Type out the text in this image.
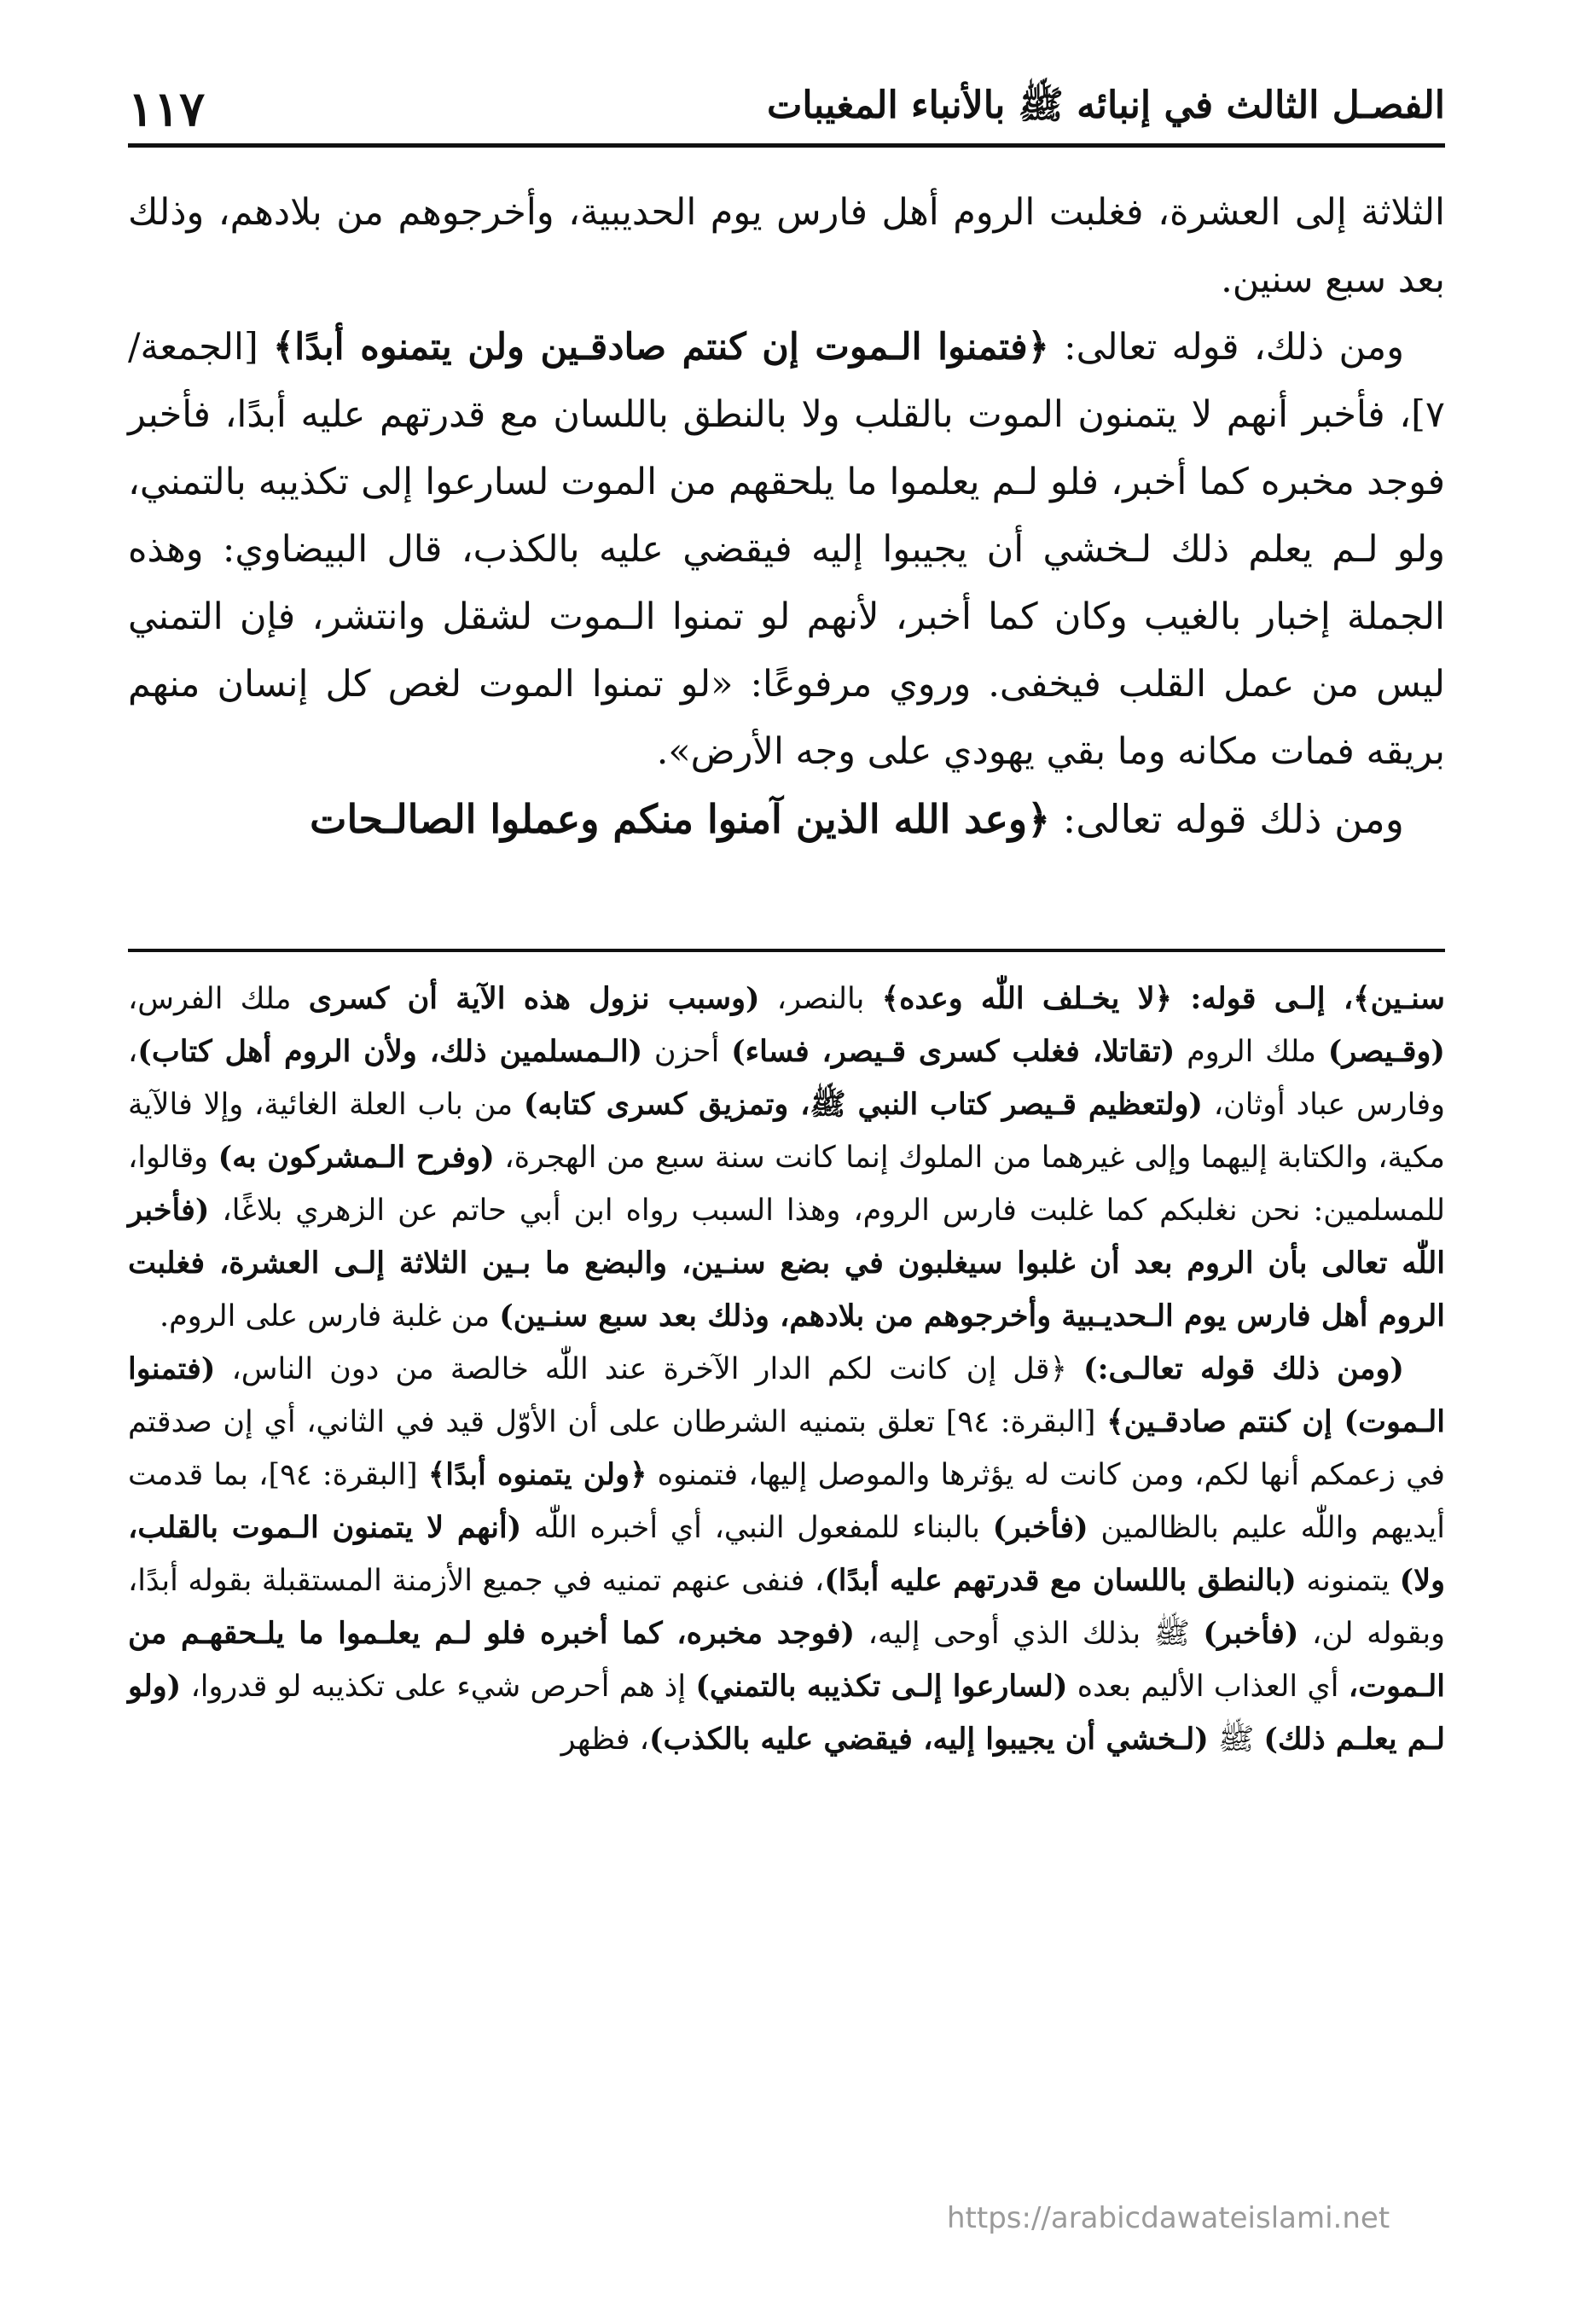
الفصـل الثالث في إنبائه ﷺ بالأنباء المغيبات
١١٧

الثلاثة إلى العشرة، فغلبت الروم أهل فارس يوم الحديبية، وأخرجوهم من بلادهم، وذلك بعد سبع سنين.

ومن ذلك، قوله تعالى: ﴿فتمنوا الـموت إن كنتم صادقـين ولن يتمنوه أبدًا﴾ [الجمعة/ ٧]، فأخبر أنهم لا يتمنون الموت بالقلب ولا بالنطق باللسان مع قدرتهم عليه أبدًا، فأخبر فوجد مخبره كما أخبر، فلو لـم يعلموا ما يلحقهم من الموت لسارعوا إلى تكذيبه بالتمني، ولو لـم يعلم ذلك لـخشي أن يجيبوا إليه فيقضي عليه بالكذب، قال البيضاوي: وهذه الجملة إخبار بالغيب وكان كما أخبر، لأنهم لو تمنوا الـموت لشقل وانتشر، فإن التمني ليس من عمل القلب فيخفى. وروي مرفوعًا: «لو تمنوا الموت لغص كل إنسان منهم بريقه فمات مكانه وما بقي يهودي على وجه الأرض».

ومن ذلك قوله تعالى: ﴿وعد الله الذين آمنوا منكم وعملوا الصالـحات

سنـين﴾، إلـى قوله: ﴿لا يخـلف اللّٰه وعده﴾ بالنصر، (وسبب نزول هذه الآية أن كسرى ملك الفرس، (وقـيصر) ملك الروم (تقاتلا، فغلب كسرى قـيصر، فساء) أحزن (الـمسلمين ذلك، ولأن الروم أهل كتاب)، وفارس عباد أوثان، (ولتعظيم قـيصر كتاب النبي ﷺ، وتمزيق كسرى كتابه) من باب العلة الغائية، وإلا فالآية مكية، والكتابة إليهما وإلى غيرهما من الملوك إنما كانت سنة سبع من الهجرة، (وفرح الـمشركون به) وقالوا، للمسلمين: نحن نغلبكم كما غلبت فارس الروم، وهذا السبب رواه ابن أبي حاتم عن الزهري بلاغًا، (فأخبر اللّٰه تعالى بأن الروم بعد أن غلبوا سيغلبون في بضع سنـين، والبضع ما بـين الثلاثة إلـى العشرة، فغلبت الروم أهل فارس يوم الـحديـبية وأخرجوهم من بلادهم، وذلك بعد سبع سنـين) من غلبة فارس على الروم.

(ومن ذلك قوله تعالـى:) ﴿قل إن كانت لكم الدار الآخرة عند اللّٰه خالصة من دون الناس، (فتمنوا الـموت) إن كنتم صادقـين﴾ [البقرة: ٩٤] تعلق بتمنيه الشرطان على أن الأوّل قيد في الثاني، أي إن صدقتم في زعمكم أنها لكم، ومن كانت له يؤثرها والموصل إليها، فتمنوه ﴿ولن يتمنوه أبدًا﴾ [البقرة: ٩٤]، بما قدمت أيديهم واللّٰه عليم بالظالمين (فأخبر) بالبناء للمفعول النبي، أي أخبره اللّٰه (أنهم لا يتمنون الـموت بالقلب، ولا) يتمنونه (بالنطق باللسان مع قدرتهم عليه أبدًا)، فنفى عنهم تمنيه في جميع الأزمنة المستقبلة بقوله أبدًا، وبقوله لن، (فأخبر) ﷺ بذلك الذي أوحى إليه، (فوجد مخبره، كما أخبره فلو لـم يعلـموا ما يلـحقهـم من الـموت، أي العذاب الأليم بعده (لسارعوا إلـى تكذيبه بالتمني) إذ هم أحرص شيء على تكذيبه لو قدروا، (ولو لـم يعلـم ذلك) ﷺ (لـخشي أن يجيبوا إليه، فيقضي عليه بالكذب)، فظهر

https://arabicdawateislami.net
